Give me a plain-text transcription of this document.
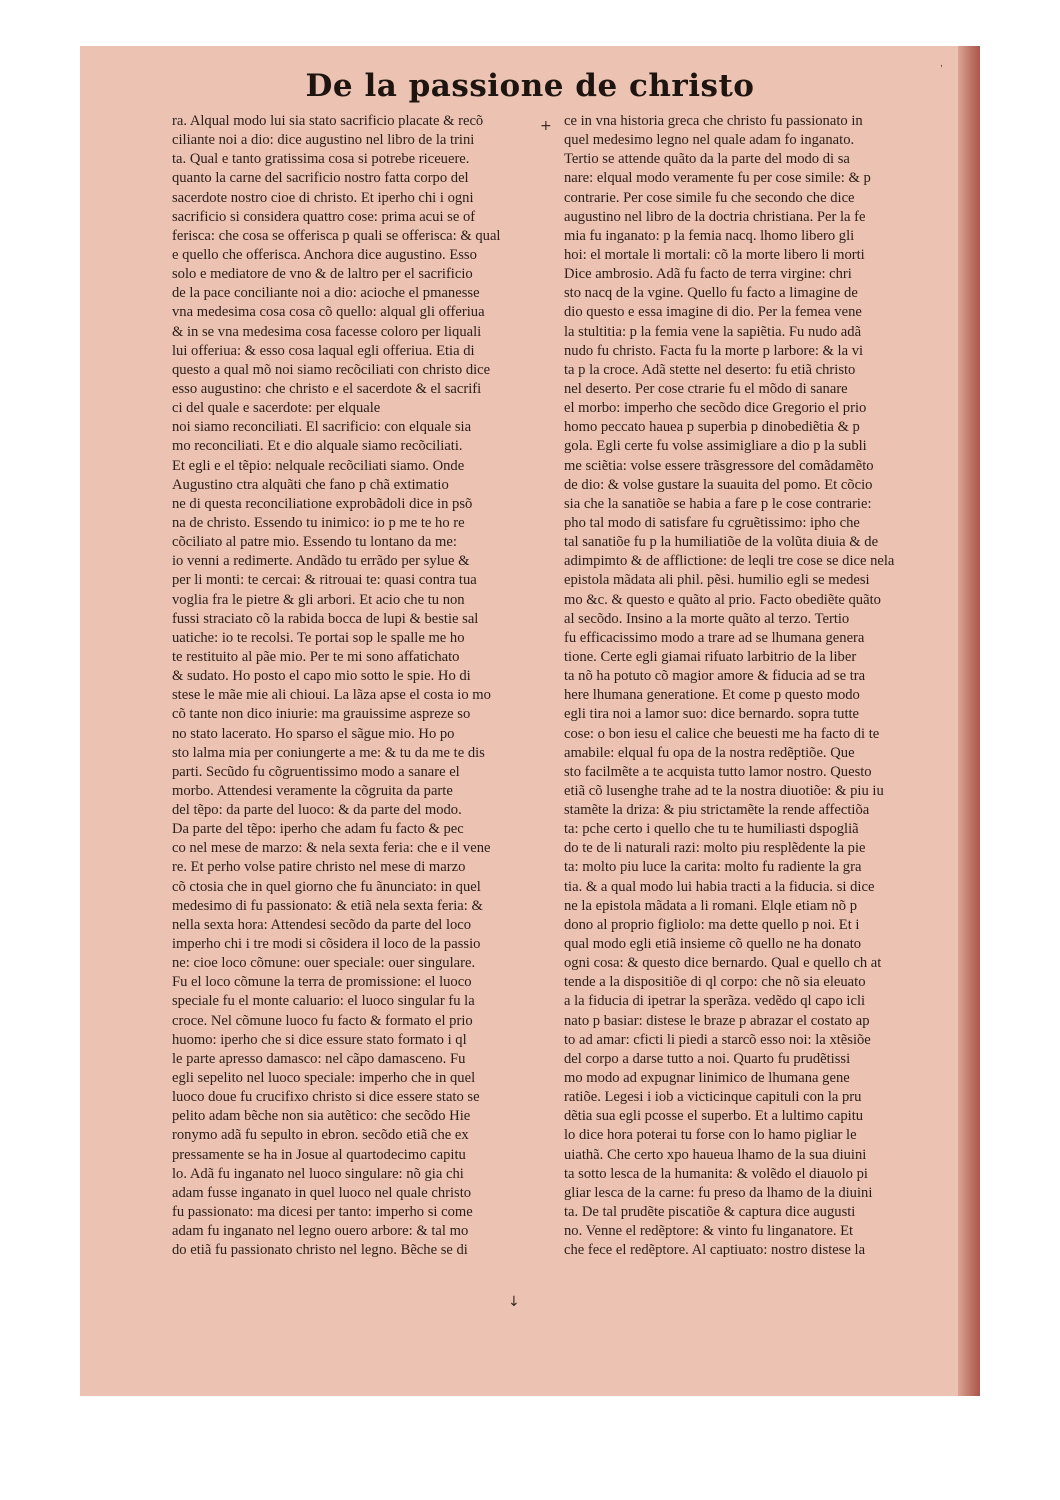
,
De la passione de christo
ra. Alqual modo lui sia stato sacrificio placate & recõ
ciliante noi a dio: dice augustino nel libro de la trini
ta. Qual e tanto gratissima cosa si potrebe riceuere.
quanto la carne del sacrificio nostro fatta corpo del
sacerdote nostro cioe di christo. Et iperho chi i ogni
sacrificio si considera quattro cose: prima acui se of
ferisca: che cosa se offerisca p quali se offerisca: & qual
e quello che offerisca. Anchora dice augustino. Esso
solo e mediatore de vno & de laltro per el sacrificio
de la pace conciliante noi a dio: acioche el pmanesse
vna medesima cosa cosa cõ quello: alqual gli offeriua
& in se vna medesima cosa facesse coloro per liquali
lui offeriua: & esso cosa laqual egli offeriua. Etia di
questo a qual mõ noi siamo recõciliati con christo dice
esso augustino: che christo e el sacerdote & el sacrifi
ci del quale e sacerdote: per elquale
noi siamo reconciliati. El sacrificio: con elquale sia
mo reconciliati. Et e dio alquale siamo recõciliati.
Et egli e el tẽpio: nelquale recõciliati siamo. Onde
Augustino ctra alquãti che fano p chã extimatio
ne di questa reconciliatione exprobãdoli dice in psõ
na de christo. Essendo tu inimico: io p me te ho re
cõciliato al patre mio. Essendo tu lontano da me:
io venni a redimerte. Andãdo tu errãdo per sylue &
per li monti: te cercai: & ritrouai te: quasi contra tua
voglia fra le pietre & gli arbori. Et acio che tu non
fussi straciato cõ la rabida bocca de lupi & bestie sal
uatiche: io te recolsi. Te portai sop le spalle me ho
te restituito al pãe mio. Per te mi sono affatichato
& sudato. Ho posto el capo mio sotto le spie. Ho di
stese le mãe mie ali chioui. La lãza apse el costa io mo
cõ tante non dico iniurie: ma grauissime aspreze so
no stato lacerato. Ho sparso el sãgue mio. Ho po
sto lalma mia per coniungerte a me: & tu da me te dis
parti. Secũdo fu cõgruentissimo modo a sanare el
morbo. Attendesi veramente la cõgruita da parte
del tẽpo: da parte del luoco: & da parte del modo.
Da parte del tẽpo: iperho che adam fu facto & pec
co nel mese de marzo: & nela sexta feria: che e il vene
re. Et perho volse patire christo nel mese di marzo
cõ ctosia che in quel giorno che fu ãnunciato: in quel
medesimo di fu passionato: & etiã nela sexta feria: &
nella sexta hora: Attendesi secõdo da parte del loco
imperho chi i tre modi si cõsidera il loco de la passio
ne: cioe loco cõmune: ouer speciale: ouer singulare.
Fu el loco cõmune la terra de promissione: el luoco
speciale fu el monte caluario: el luoco singular fu la
croce. Nel cõmune luoco fu facto & formato el prio
huomo: iperho che si dice essure stato formato i ql
le parte apresso damasco: nel cãpo damasceno. Fu
egli sepelito nel luoco speciale: imperho che in quel
luoco doue fu crucifixo christo si dice essere stato se
pelito adam bẽche non sia autẽtico: che secõdo Hie
ronymo adã fu sepulto in ebron. secõdo etiã che ex
pressamente se ha in Josue al quartodecimo capitu
lo. Adã fu inganato nel luoco singulare: nõ gia chi
adam fusse inganato in quel luoco nel quale christo
fu passionato: ma dicesi per tanto: imperho si come
adam fu inganato nel legno ouero arbore: & tal mo
do etiã fu passionato christo nel legno. Bẽche se di
ce in vna historia greca che christo fu passionato in
quel medesimo legno nel quale adam fo inganato.
Tertio se attende quãto da la parte del modo di sa
nare: elqual modo veramente fu per cose simile: & p
contrarie. Per cose simile fu che secondo che dice
augustino nel libro de la doctria christiana. Per la fe
mia fu inganato: p la femia nacq. lhomo libero gli
hoi: el mortale li mortali: cõ la morte libero li morti
Dice ambrosio. Adã fu facto de terra virgine: chri
sto nacq de la vgine. Quello fu facto a limagine de
dio questo e essa imagine di dio. Per la femea vene
la stultitia: p la femia vene la sapiẽtia. Fu nudo adã
nudo fu christo. Facta fu la morte p larbore: & la vi
ta p la croce. Adã stette nel deserto: fu etiã christo
nel deserto. Per cose ctrarie fu el mõdo di sanare
el morbo: imperho che secõdo dice Gregorio el prio
homo peccato hauea p superbia p dinobediẽtia & p
gola. Egli certe fu volse assimigliare a dio p la subli
me sciẽtia: volse essere trãsgressore del comãdamẽto
de dio: & volse gustare la suauita del pomo. Et cõcio
sia che la sanatiõe se habia a fare p le cose contrarie:
pho tal modo di satisfare fu cgruẽtissimo: ipho che
tal sanatiõe fu p la humiliatiõe de la volũta diuia & de
adimpimto & de afflictione: de leqli tre cose se dice nela
epistola mãdata ali phil. pẽsi. humilio egli se medesi
mo &c. & questo e quãto al prio. Facto obediẽte quãto
al secõdo. Insino a la morte quãto al terzo. Tertio
fu efficacissimo modo a trare ad se lhumana genera
tione. Certe egli giamai rifuato larbitrio de la liber
ta nõ ha potuto cõ magior amore & fiducia ad se tra
here lhumana generatione. Et come p questo modo
egli tira noi a lamor suo: dice bernardo. sopra tutte
cose: o bon iesu el calice che beuesti me ha facto di te
amabile: elqual fu opa de la nostra redẽptiõe. Que
sto facilmẽte a te acquista tutto lamor nostro. Questo
etiã cõ lusenghe trahe ad te la nostra diuotiõe: & piu iu
stamẽte la driza: & piu strictamẽte la rende affectiõa
ta: pche certo i quello che tu te humiliasti dspogliã
do te de li naturali razi: molto piu resplẽdente la pie
ta: molto piu luce la carita: molto fu radiente la gra
tia. & a qual modo lui habia tracti a la fiducia. si dice
ne la epistola mãdata a li romani. Elqle etiam nõ p
dono al proprio figliolo: ma dette quello p noi. Et i
qual modo egli etiã insieme cõ quello ne ha donato
ogni cosa: & questo dice bernardo. Qual e quello ch at
tende a la dispositiõe di ql corpo: che nõ sia eleuato
a la fiducia di ipetrar la sperãza. vedẽdo ql capo icli
nato p basiar: distese le braze p abrazar el costato ap
to ad amar: cficti li piedi a starcõ esso noi: la xtẽsiõe
del corpo a darse tutto a noi. Quarto fu prudẽtissi
mo modo ad expugnar linimico de lhumana gene
ratiõe. Legesi i iob a victicinque capituli con la pru
dẽtia sua egli pcosse el superbo. Et a lultimo capitu
lo dice hora poterai tu forse con lo hamo pigliar le
uiathã. Che certo xpo haueua lhamo de la sua diuini
ta sotto lesca de la humanita: & volẽdo el diauolo pi
gliar lesca de la carne: fu preso da lhamo de la diuini
ta. De tal prudẽte piscatiõe & captura dice augusti
no. Venne el redẽptore: & vinto fu linganatore. Et
che fece el redẽptore. Al captiuato: nostro distese la
+
↓
